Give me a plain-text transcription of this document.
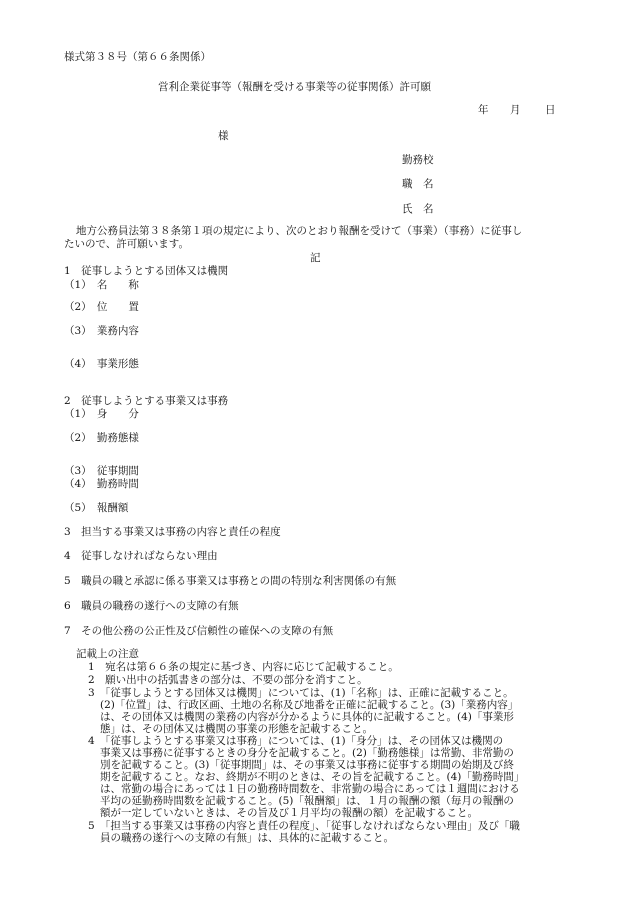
様式第３８号（第６６条関係）
営利企業従事等（報酬を受ける事業等の従事関係）許可願
年 月 日
様
勤務校
職　名
氏　名
地方公務員法第３８条第１項の規定により、次のとおり報酬を受けて（事業）（事務）に従事し
たいので、許可願います。
記
1　従事しようとする団体又は機関
（1）　名　　称
（2）　位　　置
（3）　業務内容
（4）　事業形態
2　従事しようとする事業又は事務
（1）　身　　分
（2）　勤務態様
（3）　従事期間
（4）　勤務時間
（5）　報酬額
3　担当する事業又は事務の内容と責任の程度
4　従事しなければならない理由
5　職員の職と承認に係る事業又は事務との間の特別な利害関係の有無
6　職員の職務の遂行への支障の有無
7　その他公務の公正性及び信頼性の確保への支障の有無
記載上の注意
1　宛名は第６６条の規定に基づき、内容に応じて記載すること。
2　願い出中の括弧書きの部分は、不要の部分を消すこと。
3　「従事しようとする団体又は機関」については、(1)「名称」は、正確に記載すること。
(2)「位置」は、行政区画、土地の名称及び地番を正確に記載すること。(3)「業務内容」
は、その団体又は機関の業務の内容が分かるように具体的に記載すること。(4)「事業形
態」は、その団体又は機関の事業の形態を記載すること。
4　「従事しようとする事業又は事務」については、(1)「身分」は、その団体又は機関の
事業又は事務に従事するときの身分を記載すること。(2)「勤務態様」は常勤、非常勤の
別を記載すること。(3)「従事期間」は、その事業又は事務に従事する期間の始期及び終
期を記載すること。なお、終期が不明のときは、その旨を記載すること。(4)「勤務時間」
は、常勤の場合にあっては１日の勤務時間数を、非常勤の場合にあっては１週間における
平均の延勤務時間数を記載すること。(5)「報酬額」は、１月の報酬の額（毎月の報酬の
額が一定していないときは、その旨及び１月平均の報酬の額）を記載すること。
5　「担当する事業又は事務の内容と責任の程度」、「従事しなければならない理由」及び「職
員の職務の遂行への支障の有無」は、具体的に記載すること。
